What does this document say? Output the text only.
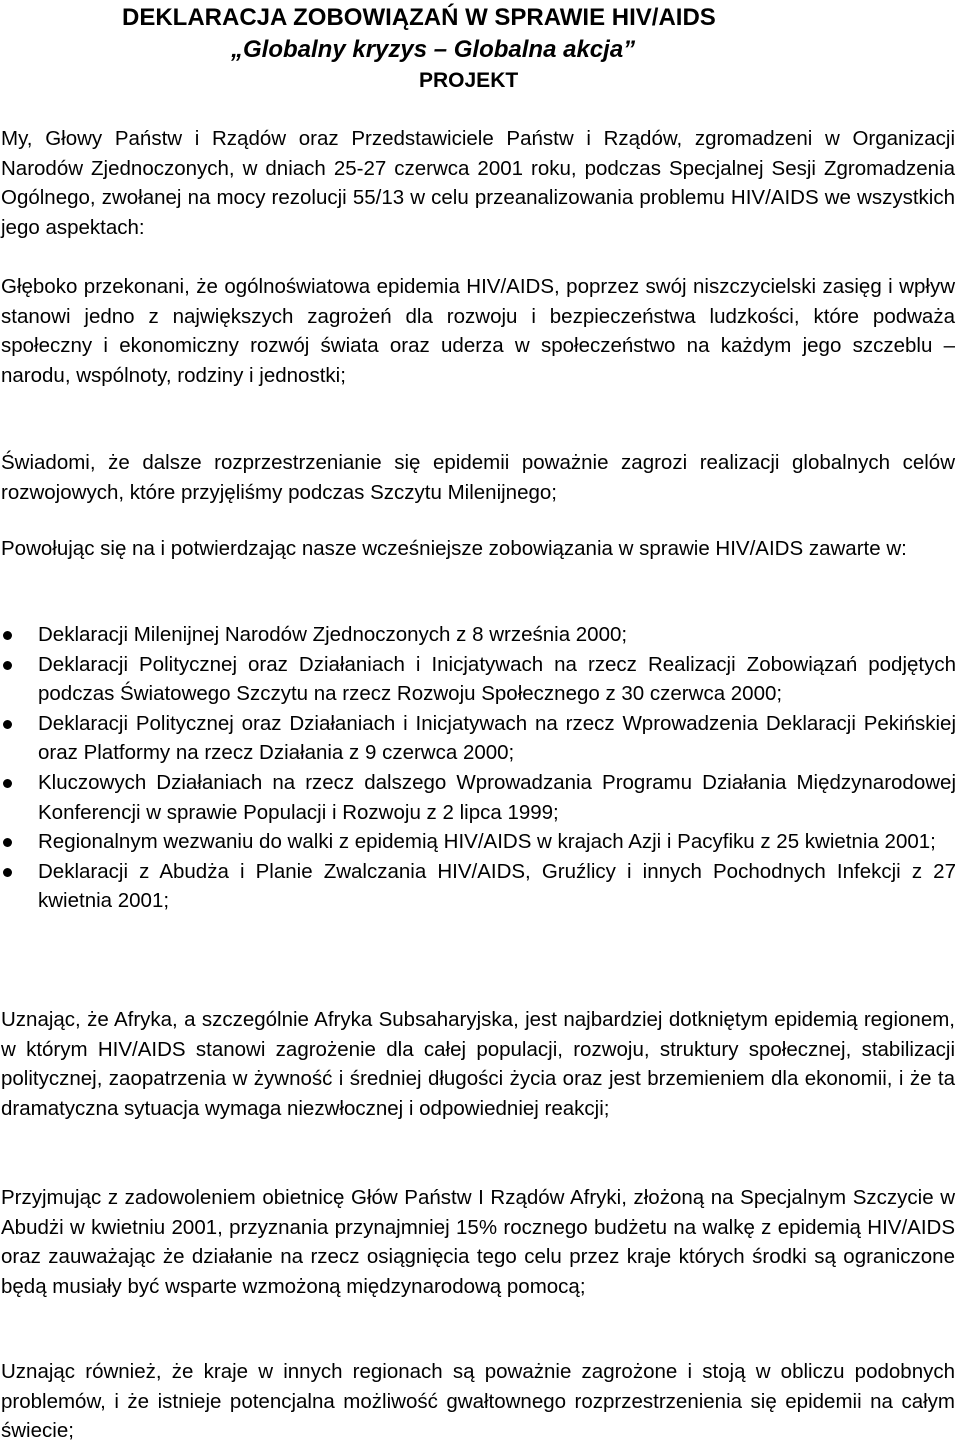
DEKLARACJA ZOBOWIĄZAŃ W SPRAWIE HIV/AIDS
„Globalny kryzys – Globalna akcja”
PROJEKT

My, Głowy Państw i Rządów oraz Przedstawiciele Państw i Rządów, zgromadzeni w Organizacji Narodów Zjednoczonych, w dniach 25-27 czerwca 2001 roku, podczas Specjalnej Sesji Zgromadzenia Ogólnego, zwołanej na mocy rezolucji 55/13 w celu przeanalizowania problemu HIV/AIDS we wszystkich jego aspektach:

Głęboko przekonani, że ogólnoświatowa epidemia HIV/AIDS, poprzez swój niszczycielski zasięg i wpływ stanowi jedno z największych zagrożeń dla rozwoju i bezpieczeństwa ludzkości, które podważa społeczny i ekonomiczny rozwój świata oraz uderza w społeczeństwo na każdym jego szczeblu – narodu, wspólnoty, rodziny i jednostki;

Świadomi, że dalsze rozprzestrzenianie się epidemii poważnie zagrozi realizacji globalnych celów rozwojowych, które przyjęliśmy podczas Szczytu Milenijnego;

Powołując się na i potwierdzając nasze wcześniejsze zobowiązania w sprawie HIV/AIDS zawarte w:

Deklaracji Milenijnej Narodów Zjednoczonych z 8 września 2000;
Deklaracji Politycznej oraz Działaniach i Inicjatywach na rzecz Realizacji Zobowiązań podjętych podczas Światowego Szczytu na rzecz Rozwoju Społecznego z 30 czerwca 2000;
Deklaracji Politycznej oraz Działaniach i Inicjatywach na rzecz Wprowadzenia Deklaracji Pekińskiej oraz Platformy na rzecz Działania z 9 czerwca 2000;
Kluczowych Działaniach na rzecz dalszego Wprowadzania Programu Działania Międzynarodowej Konferencji w sprawie Populacji i Rozwoju z 2 lipca 1999;
Regionalnym wezwaniu do walki z epidemią HIV/AIDS w krajach Azji i Pacyfiku z 25 kwietnia 2001;
Deklaracji z Abudża i Planie Zwalczania HIV/AIDS, Gruźlicy i innych Pochodnych Infekcji z 27 kwietnia 2001;

Uznając, że Afryka, a szczególnie Afryka Subsaharyjska, jest najbardziej dotkniętym epidemią regionem, w którym HIV/AIDS stanowi zagrożenie dla całej populacji, rozwoju, struktury społecznej, stabilizacji politycznej, zaopatrzenia w żywność i średniej długości życia oraz jest brzemieniem dla ekonomii, i że ta dramatyczna sytuacja wymaga niezwłocznej i odpowiedniej reakcji;

Przyjmując z zadowoleniem obietnicę Głów Państw I Rządów Afryki, złożoną na Specjalnym Szczycie w Abudżi w kwietniu 2001, przyznania przynajmniej 15% rocznego budżetu na walkę z epidemią HIV/AIDS oraz zauważając że działanie na rzecz osiągnięcia tego celu przez kraje których środki są ograniczone będą musiały być wsparte wzmożoną międzynarodową pomocą;

Uznając również, że kraje w innych regionach są poważnie zagrożone i stoją w obliczu podobnych problemów, i że istnieje potencjalna możliwość gwałtownego rozprzestrzenienia się epidemii na całym świecie;
